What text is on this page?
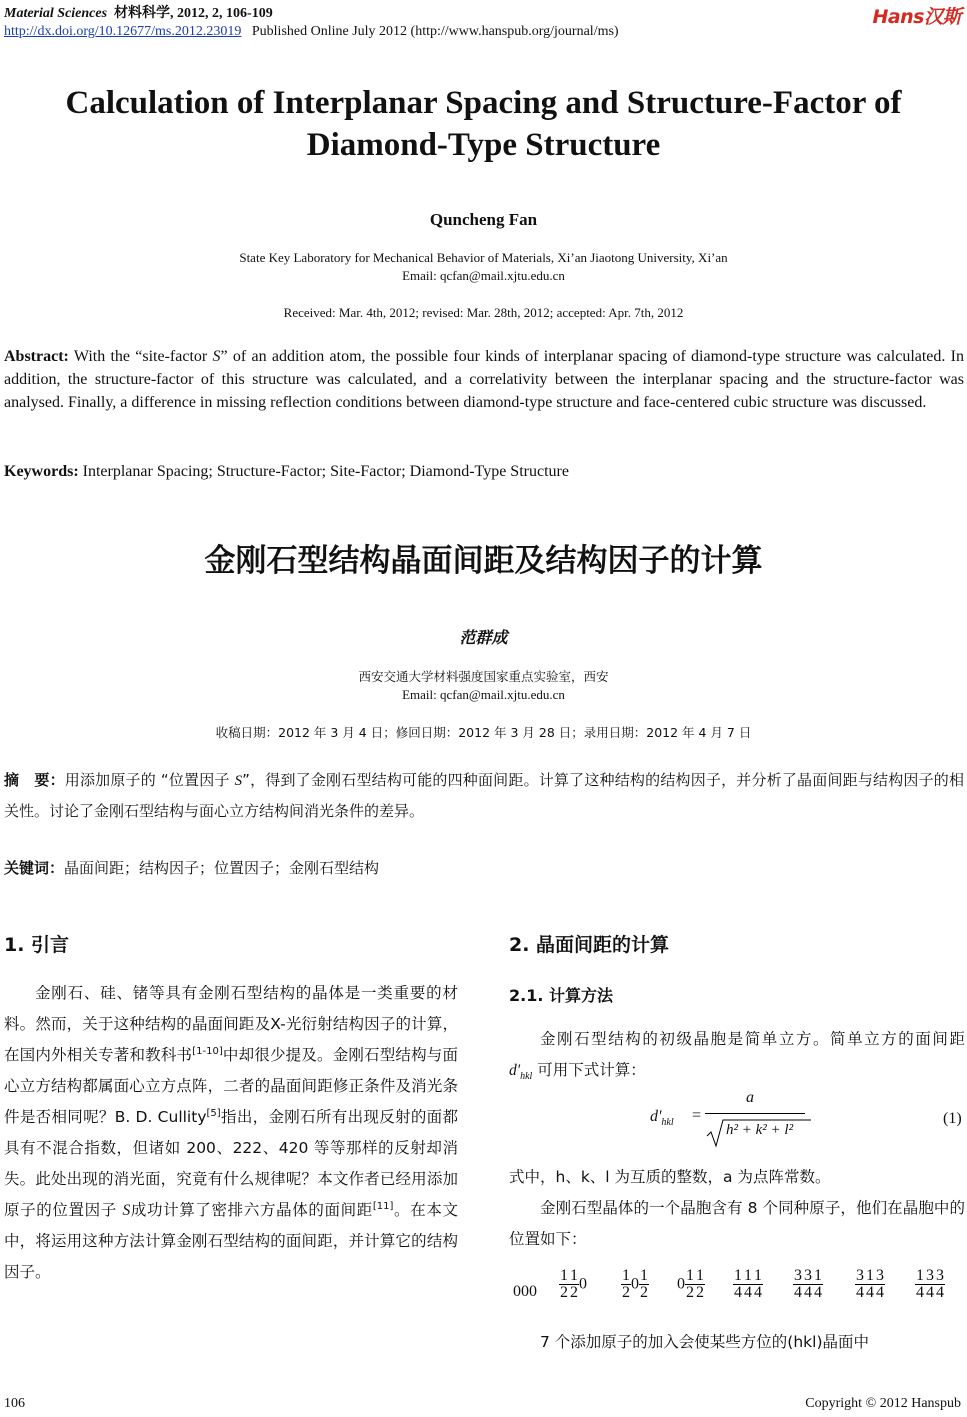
Material Sciences 材料科学, 2012, 2, 106-109
http://dx.doi.org/10.12677/ms.2012.23019 Published Online July 2012 (http://www.hanspub.org/journal/ms)
Hans汉斯
Calculation of Interplanar Spacing and Structure-Factor of
Diamond-Type Structure
Quncheng Fan
State Key Laboratory for Mechanical Behavior of Materials, Xi’an Jiaotong University, Xi’an
Email: qcfan@mail.xjtu.edu.cn
Received: Mar. 4th, 2012; revised: Mar. 28th, 2012; accepted: Apr. 7th, 2012
Abstract: With the “site-factor S” of an addition atom, the possible four kinds of interplanar spacing of diamond-type structure was calculated. In addition, the structure-factor of this structure was calculated, and a correlativity between the interplanar spacing and the structure-factor was analysed. Finally, a difference in missing reflection conditions between diamond-type structure and face-centered cubic structure was discussed.
Keywords: Interplanar Spacing; Structure-Factor; Site-Factor; Diamond-Type Structure
金刚石型结构晶面间距及结构因子的计算
范群成
西安交通大学材料强度国家重点实验室，西安
Email: qcfan@mail.xjtu.edu.cn
收稿日期：2012 年 3 月 4 日；修回日期：2012 年 3 月 28 日；录用日期：2012 年 4 月 7 日
摘　要：用添加原子的 “位置因子 S”，得到了金刚石型结构可能的四种面间距。计算了这种结构的结构因子，并分析了晶面间距与结构因子的相关性。讨论了金刚石型结构与面心立方结构间消光条件的差异。
关键词：晶面间距；结构因子；位置因子；金刚石型结构
1. 引言
金刚石、硅、锗等具有金刚石型结构的晶体是一类重要的材料。然而，关于这种结构的晶面间距及X-光衍射结构因子的计算，在国内外相关专著和教科书[1-10]中却很少提及。金刚石型结构与面心立方结构都属面心立方点阵，二者的晶面间距修正条件及消光条件是否相同呢？B. D. Cullity[5]指出，金刚石所有出现反射的面都具有不混合指数，但诸如 200、222、420 等等那样的反射却消失。此处出现的消光面，究竟有什么规律呢？本文作者已经用添加原子的位置因子 S成功计算了密排六方晶体的面间距[11]。在本文中，将运用这种方法计算金刚石型结构的面间距，并计算它的结构因子。
2. 晶面间距的计算
2.1. 计算方法
金刚石型结构的初级晶胞是简单立方。简单立方的面间距$d'_{hkl}$ 可用下式计算：
$d'_{hkl}$ =
a
h² + k² + l²
(1)
式中，h、k、l 为互质的整数，a 为点阵常数。
金刚石型晶体的一个晶胞含有 8 个同种原子，他们在晶胞中的位置如下：
$000 \frac{1}{2} \frac{1}{2} 0 \frac{1}{2} 0 \frac{1}{2} 0 \frac{1}{2} \frac{1}{2} \frac{1}{4} \frac{1}{4} \frac{1}{4} \frac{3}{4} \frac{3}{4} \frac{1}{4} \frac{3}{4} \frac{1}{4} \frac{3}{4} \frac{1}{4} \frac{3}{4} \frac{3}{4}$
7 个添加原子的加入会使某些方位的(hkl)晶面中
106	Copyright © 2012 Hanspub
